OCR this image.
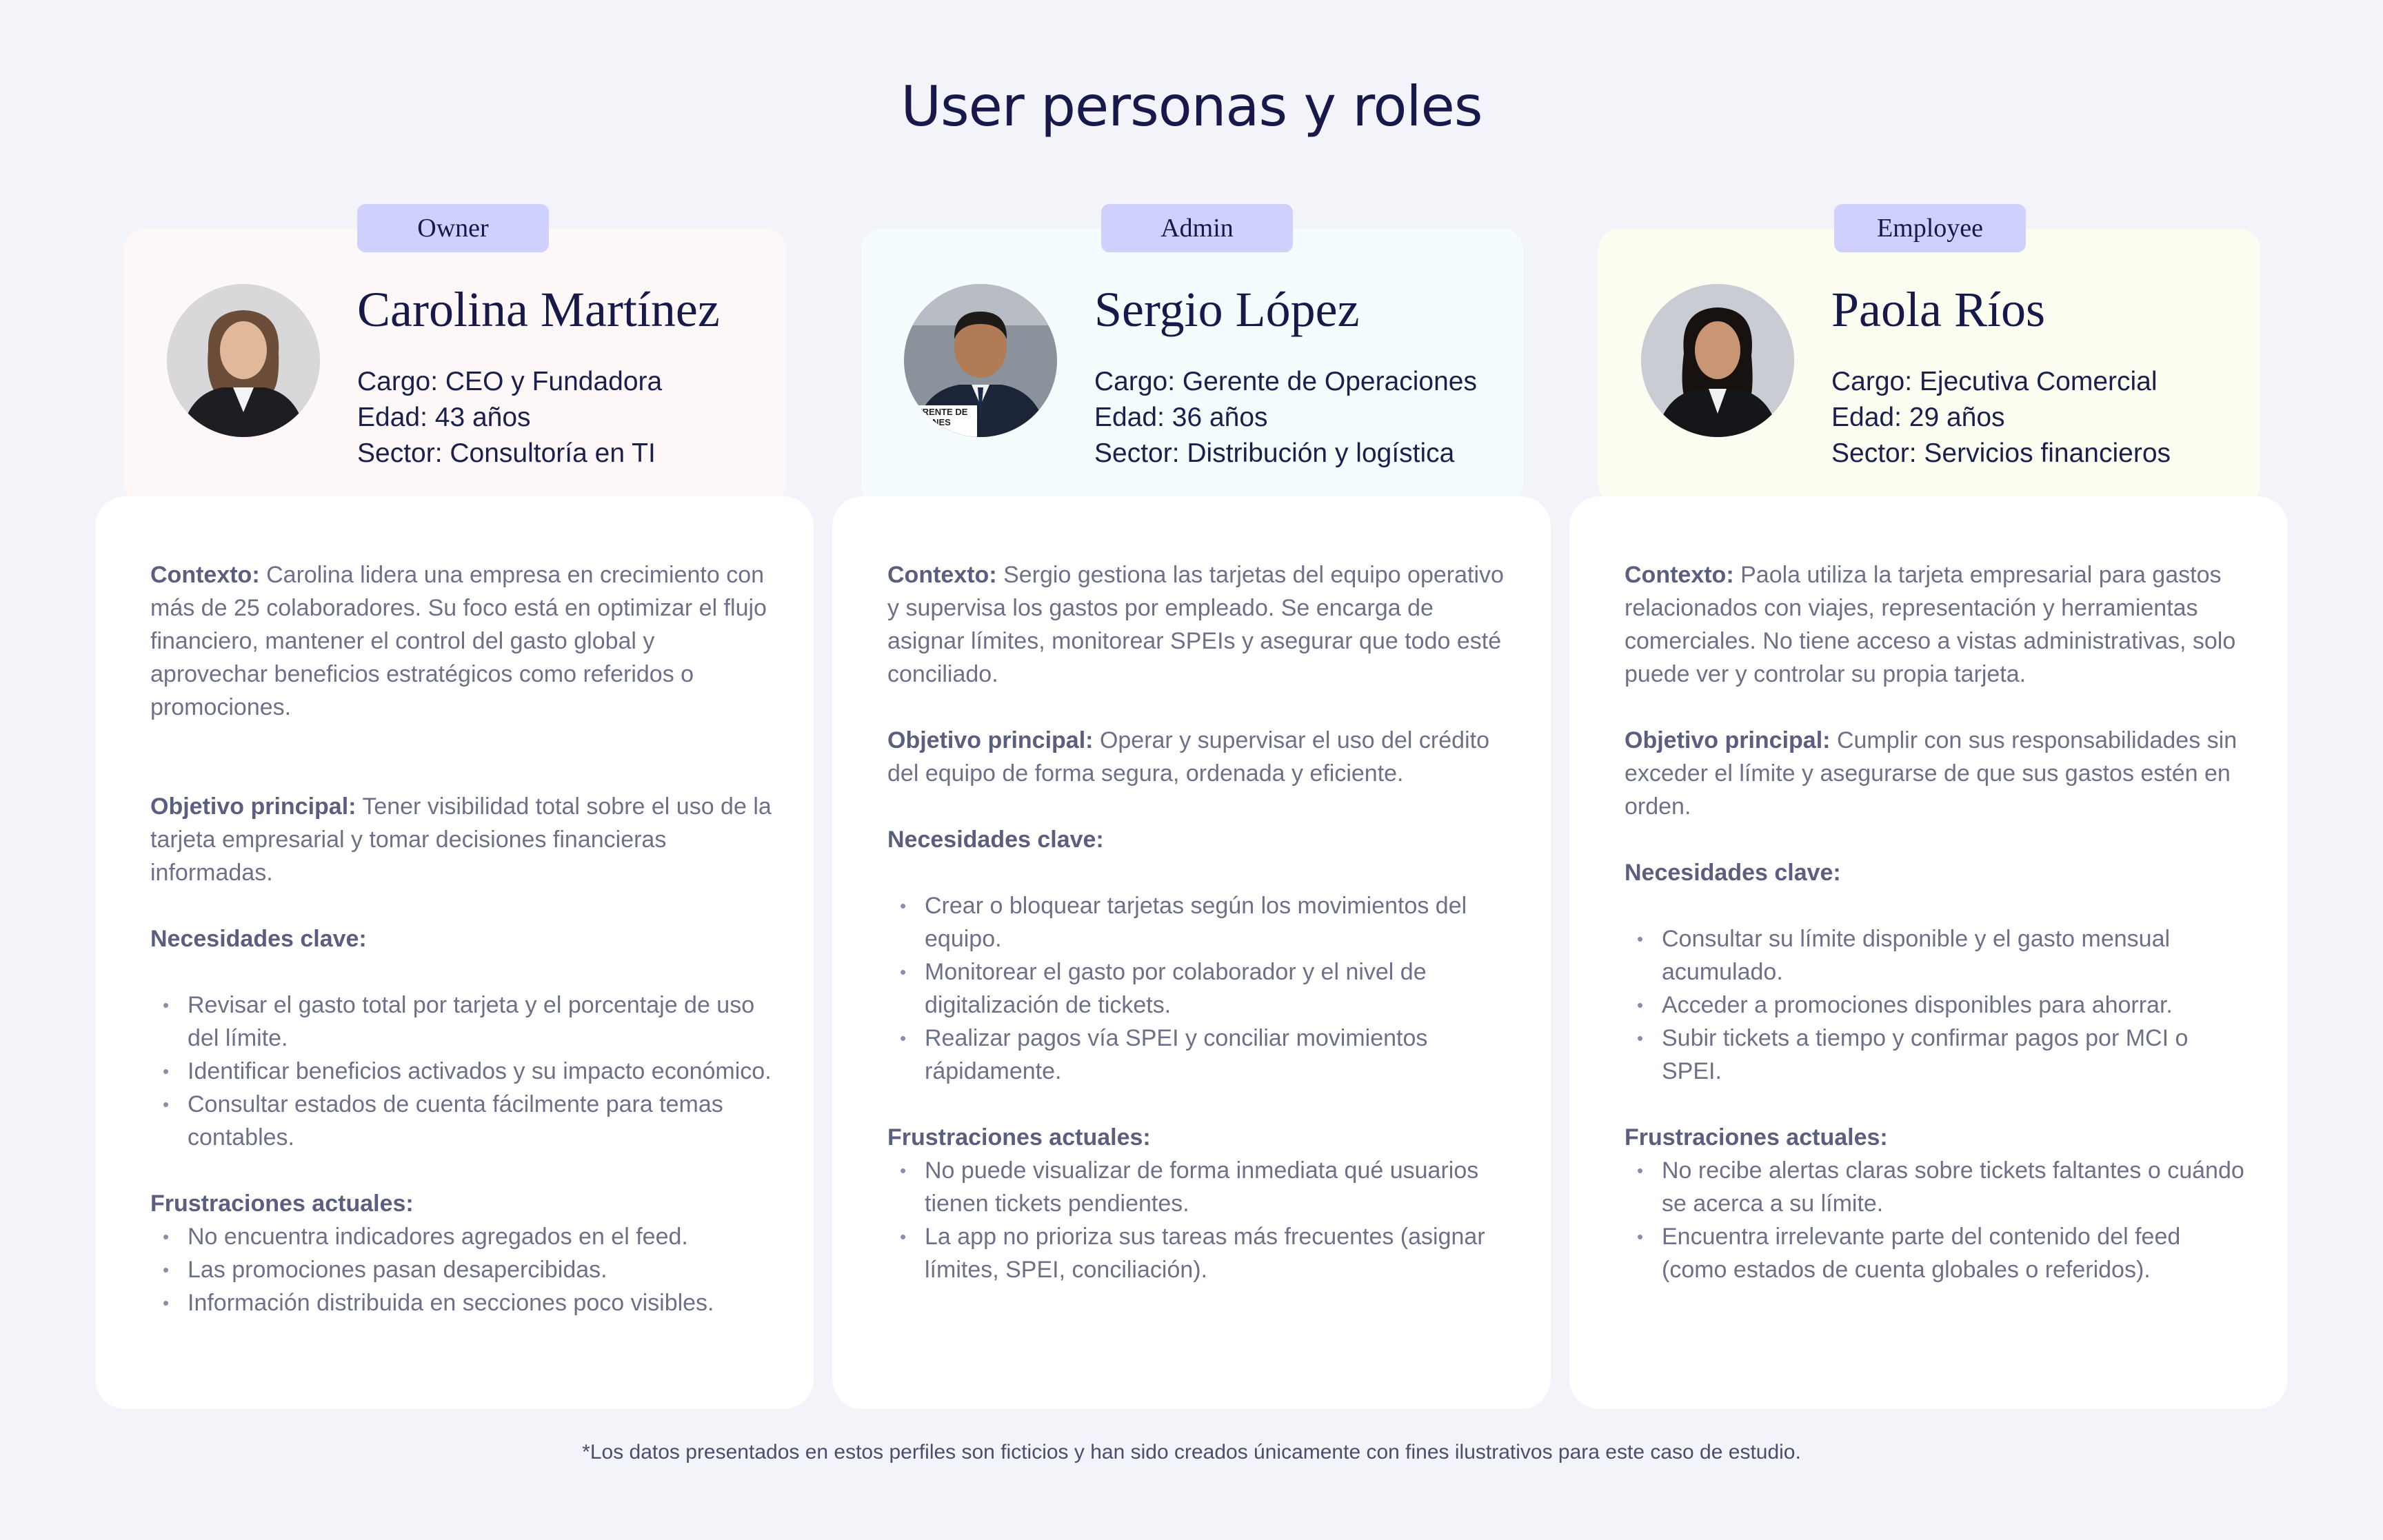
User personas y roles
Owner
Carolina Martínez
Cargo: CEO y Fundadora
Edad: 43 años
Sector: Consultoría en TI

Contexto: Carolina lidera una empresa en crecimiento con más de 25 colaboradores. Su foco está en optimizar el flujo financiero, mantener el control del gasto global y aprovechar beneficios estratégicos como referidos o promociones.

Objetivo principal: Tener visibilidad total sobre el uso de la tarjeta empresarial y tomar decisiones financieras informadas.

Necesidades clave:

• Revisar el gasto total por tarjeta y el porcentaje de uso del límite.
• Identificar beneficios activados y su impacto económico.
• Consultar estados de cuenta fácilmente para temas contables.

Frustraciones actuales:

• No encuentra indicadores agregados en el feed.
• Las promociones pasan desapercibidas.
• Información distribuida en secciones poco visibles.
Admin
ERENTE DE
CIONES
Sergio López
Cargo: Gerente de Operaciones
Edad: 36 años
Sector: Distribución y logística

Contexto: Sergio gestiona las tarjetas del equipo operativo y supervisa los gastos por empleado. Se encarga de asignar límites, monitorear SPEIs y asegurar que todo esté conciliado.

Objetivo principal: Operar y supervisar el uso del crédito del equipo de forma segura, ordenada y eficiente.

Necesidades clave:

• Crear o bloquear tarjetas según los movimientos del equipo.
• Monitorear el gasto por colaborador y el nivel de digitalización de tickets.
• Realizar pagos vía SPEI y conciliar movimientos rápidamente.

Frustraciones actuales:

• No puede visualizar de forma inmediata qué usuarios tienen tickets pendientes.
• La app no prioriza sus tareas más frecuentes (asignar límites, SPEI, conciliación).
Employee
Paola Ríos
Cargo: Ejecutiva Comercial
Edad: 29 años
Sector: Servicios financieros

Contexto: Paola utiliza la tarjeta empresarial para gastos relacionados con viajes, representación y herramientas comerciales. No tiene acceso a vistas administrativas, solo puede ver y controlar su propia tarjeta.

Objetivo principal: Cumplir con sus responsabilidades sin exceder el límite y asegurarse de que sus gastos estén en orden.

Necesidades clave:

• Consultar su límite disponible y el gasto mensual acumulado.
• Acceder a promociones disponibles para ahorrar.
• Subir tickets a tiempo y confirmar pagos por MCI o SPEI.

Frustraciones actuales:

• No recibe alertas claras sobre tickets faltantes o cuándo se acerca a su límite.
• Encuentra irrelevante parte del contenido del feed (como estados de cuenta globales o referidos).
*Los datos presentados en estos perfiles son ficticios y han sido creados únicamente con fines ilustrativos para este caso de estudio.
